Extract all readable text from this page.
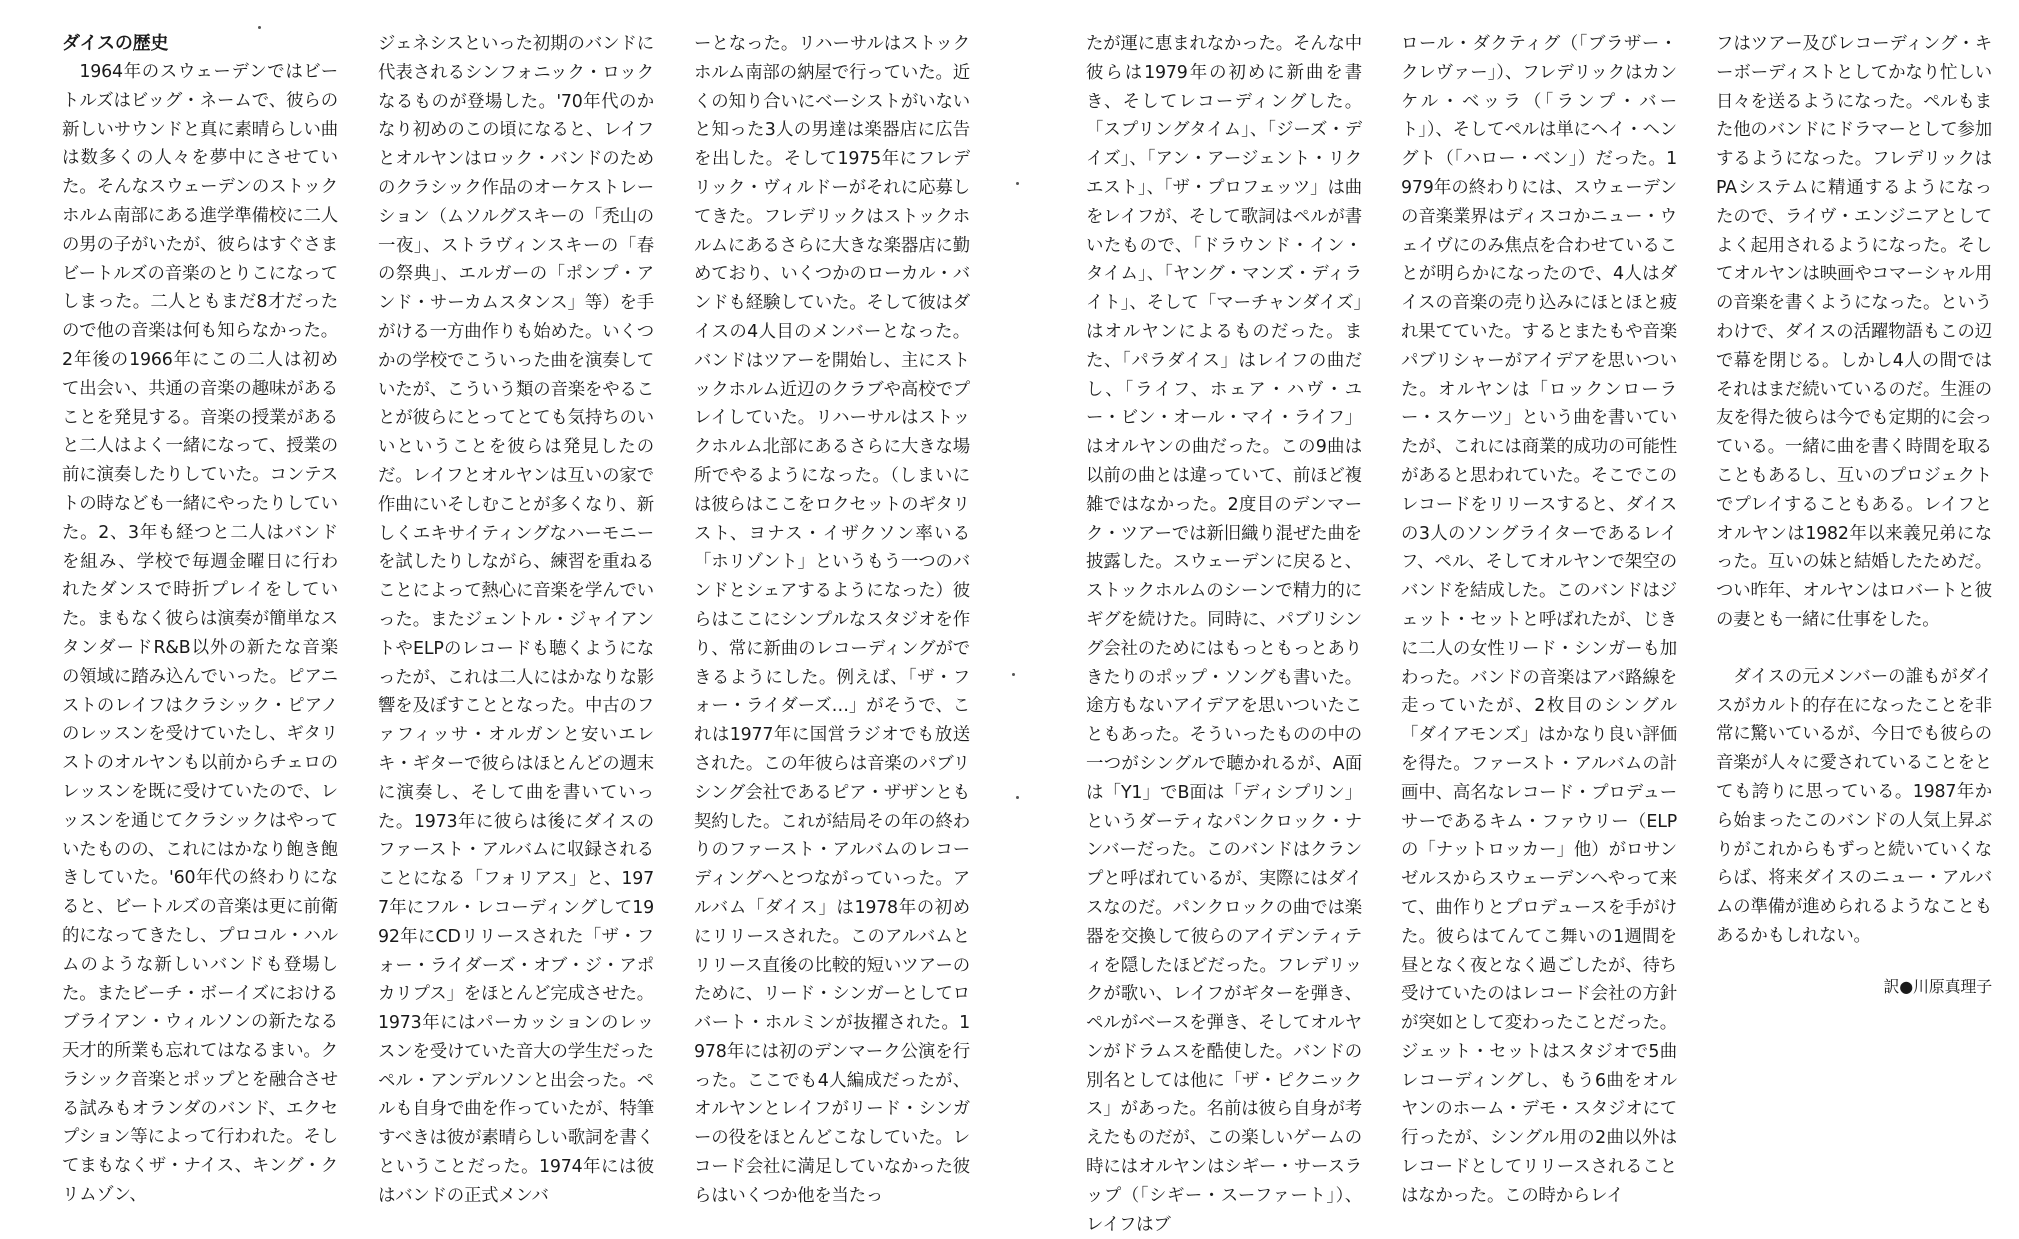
ダイスの歴史

1964年のスウェーデンではビートルズはビッグ・ネームで、彼らの新しいサウンドと真に素晴らしい曲は数多くの人々を夢中にさせていた。そんなスウェーデンのストックホルム南部にある進学準備校に二人の男の子がいたが、彼らはすぐさまビートルズの音楽のとりこになってしまった。二人ともまだ8才だったので他の音楽は何も知らなかった。2年後の1966年にこの二人は初めて出会い、共通の音楽の趣味があることを発見する。音楽の授業があると二人はよく一緒になって、授業の前に演奏したりしていた。コンテストの時なども一緒にやったりしていた。2、3年も経つと二人はバンドを組み、学校で毎週金曜日に行われたダンスで時折プレイをしていた。まもなく彼らは演奏が簡単なスタンダードR&B以外の新たな音楽の領域に踏み込んでいった。ピアニストのレイフはクラシック・ピアノのレッスンを受けていたし、ギタリストのオルヤンも以前からチェロのレッスンを既に受けていたので、レッスンを通じてクラシックはやっていたものの、これにはかなり飽き飽きしていた。'60年代の終わりになると、ビートルズの音楽は更に前衛的になってきたし、プロコル・ハルムのような新しいバンドも登場した。またビーチ・ボーイズにおけるブライアン・ウィルソンの新たなる天才的所業も忘れてはなるまい。クラシック音楽とポップとを融合させる試みもオランダのバンド、エクセプション等によって行われた。そしてまもなくザ・ナイス、キング・クリムゾン、

ジェネシスといった初期のバンドに代表されるシンフォニック・ロックなるものが登場した。'70年代のかなり初めのこの頃になると、レイフとオルヤンはロック・バンドのためのクラシック作品のオーケストレーション（ムソルグスキーの「禿山の一夜」、ストラヴィンスキーの「春の祭典」、エルガーの「ポンプ・アンド・サーカムスタンス」等）を手がける一方曲作りも始めた。いくつかの学校でこういった曲を演奏していたが、こういう類の音楽をやることが彼らにとってとても気持ちのいいということを彼らは発見したのだ。レイフとオルヤンは互いの家で作曲にいそしむことが多くなり、新しくエキサイティングなハーモニーを試したりしながら、練習を重ねることによって熱心に音楽を学んでいった。またジェントル・ジャイアントやELPのレコードも聴くようになったが、これは二人にはかなりな影響を及ぼすこととなった。中古のファフィッサ・オルガンと安いエレキ・ギターで彼らはほとんどの週末に演奏し、そして曲を書いていった。1973年に彼らは後にダイスのファースト・アルバムに収録されることになる「フォリアス」と、1977年にフル・レコーディングして1992年にCDリリースされた「ザ・フォー・ライダーズ・オブ・ジ・アポカリプス」をほとんど完成させた。1973年にはパーカッションのレッスンを受けていた音大の学生だったペル・アンデルソンと出会った。ペルも自身で曲を作っていたが、特筆すべきは彼が素晴らしい歌詞を書くということだった。1974年には彼はバンドの正式メンバ

ーとなった。リハーサルはストックホルム南部の納屋で行っていた。近くの知り合いにベーシストがいないと知った3人の男達は楽器店に広告を出した。そして1975年にフレデリック・ヴィルドーがそれに応募してきた。フレデリックはストックホルムにあるさらに大きな楽器店に勤めており、いくつかのローカル・バンドも経験していた。そして彼はダイスの4人目のメンバーとなった。バンドはツアーを開始し、主にストックホルム近辺のクラブや高校でプレイしていた。リハーサルはストックホルム北部にあるさらに大きな場所でやるようになった。（しまいには彼らはここをロクセットのギタリスト、ヨナス・イザクソン率いる「ホリゾント」というもう一つのバンドとシェアするようになった）彼らはここにシンプルなスタジオを作り、常に新曲のレコーディングができるようにした。例えば、「ザ・フォー・ライダーズ…」がそうで、これは1977年に国営ラジオでも放送された。この年彼らは音楽のパブリシング会社であるピア・ザザンとも契約した。これが結局その年の終わりのファースト・アルバムのレコーディングへとつながっていった。アルバム「ダイス」は1978年の初めにリリースされた。このアルバムとリリース直後の比較的短いツアーのために、リード・シンガーとしてロバート・ホルミンが抜擢された。1978年には初のデンマーク公演を行った。ここでも4人編成だったが、オルヤンとレイフがリード・シンガーの役をほとんどこなしていた。レコード会社に満足していなかった彼らはいくつか他を当たっ

たが運に恵まれなかった。そんな中彼らは1979年の初めに新曲を書き、そしてレコーディングした。「スプリングタイム」、「ジーズ・デイズ」、「アン・アージェント・リクエスト」、「ザ・プロフェッツ」は曲をレイフが、そして歌詞はペルが書いたもので、「ドラウンド・イン・タイム」、「ヤング・マンズ・ディライト」、そして「マーチャンダイズ」はオルヤンによるものだった。また、「パラダイス」はレイフの曲だし、「ライフ、ホェア・ハヴ・ユー・ビン・オール・マイ・ライフ」はオルヤンの曲だった。この9曲は以前の曲とは違っていて、前ほど複雑ではなかった。2度目のデンマーク・ツアーでは新旧織り混ぜた曲を披露した。スウェーデンに戻ると、ストックホルムのシーンで精力的にギグを続けた。同時に、パブリシング会社のためにはもっともっとありきたりのポップ・ソングも書いた。途方もないアイデアを思いついたこともあった。そういったものの中の一つがシングルで聴かれるが、A面は「Y1」でB面は「ディシプリン」というダーティなパンクロック・ナンバーだった。このバンドはクランプと呼ばれているが、実際にはダイスなのだ。パンクロックの曲では楽器を交換して彼らのアイデンティティを隠したほどだった。フレデリックが歌い、レイフがギターを弾き、ペルがベースを弾き、そしてオルヤンがドラムスを酷使した。バンドの別名としては他に「ザ・ピクニックス」があった。名前は彼ら自身が考えたものだが、この楽しいゲームの時にはオルヤンはシギー・サースラップ（「シギー・スーファート」）、レイフはブ

ロール・ダクティグ（「ブラザー・クレヴァー」）、フレデリックはカンケル・ベッラ（「ランプ・バート」）、そしてペルは単にヘイ・ヘングト（「ハロー・ベン」）だった。1979年の終わりには、スウェーデンの音楽業界はディスコかニュー・ウェイヴにのみ焦点を合わせていることが明らかになったので、4人はダイスの音楽の売り込みにほとほと疲れ果てていた。するとまたもや音楽パブリシャーがアイデアを思いついた。オルヤンは「ロックンローラー・スケーツ」という曲を書いていたが、これには商業的成功の可能性があると思われていた。そこでこのレコードをリリースすると、ダイスの3人のソングライターであるレイフ、ペル、そしてオルヤンで架空のバンドを結成した。このバンドはジェット・セットと呼ばれたが、じきに二人の女性リード・シンガーも加わった。バンドの音楽はアバ路線を走っていたが、2枚目のシングル「ダイアモンズ」はかなり良い評価を得た。ファースト・アルバムの計画中、高名なレコード・プロデューサーであるキム・ファウリー（ELPの「ナットロッカー」他）がロサンゼルスからスウェーデンへやって来て、曲作りとプロデュースを手がけた。彼らはてんてこ舞いの1週間を昼となく夜となく過ごしたが、待ち受けていたのはレコード会社の方針が突如として変わったことだった。ジェット・セットはスタジオで5曲レコーディングし、もう6曲をオルヤンのホーム・デモ・スタジオにて行ったが、シングル用の2曲以外はレコードとしてリリースされることはなかった。この時からレイ

フはツアー及びレコーディング・キーボーディストとしてかなり忙しい日々を送るようになった。ペルもまた他のバンドにドラマーとして参加するようになった。フレデリックはPAシステムに精通するようになったので、ライヴ・エンジニアとしてよく起用されるようになった。そしてオルヤンは映画やコマーシャル用の音楽を書くようになった。というわけで、ダイスの活躍物語もこの辺で幕を閉じる。しかし4人の間ではそれはまだ続いているのだ。生涯の友を得た彼らは今でも定期的に会っている。一緒に曲を書く時間を取ることもあるし、互いのプロジェクトでプレイすることもある。レイフとオルヤンは1982年以来義兄弟になった。互いの妹と結婚したためだ。つい昨年、オルヤンはロバートと彼の妻とも一緒に仕事をした。

ダイスの元メンバーの誰もがダイスがカルト的存在になったことを非常に驚いているが、今日でも彼らの音楽が人々に愛されていることをとても誇りに思っている。1987年から始まったこのバンドの人気上昇ぶりがこれからもずっと続いていくならば、将来ダイスのニュー・アルバムの準備が進められるようなこともあるかもしれない。

訳●川原真理子
